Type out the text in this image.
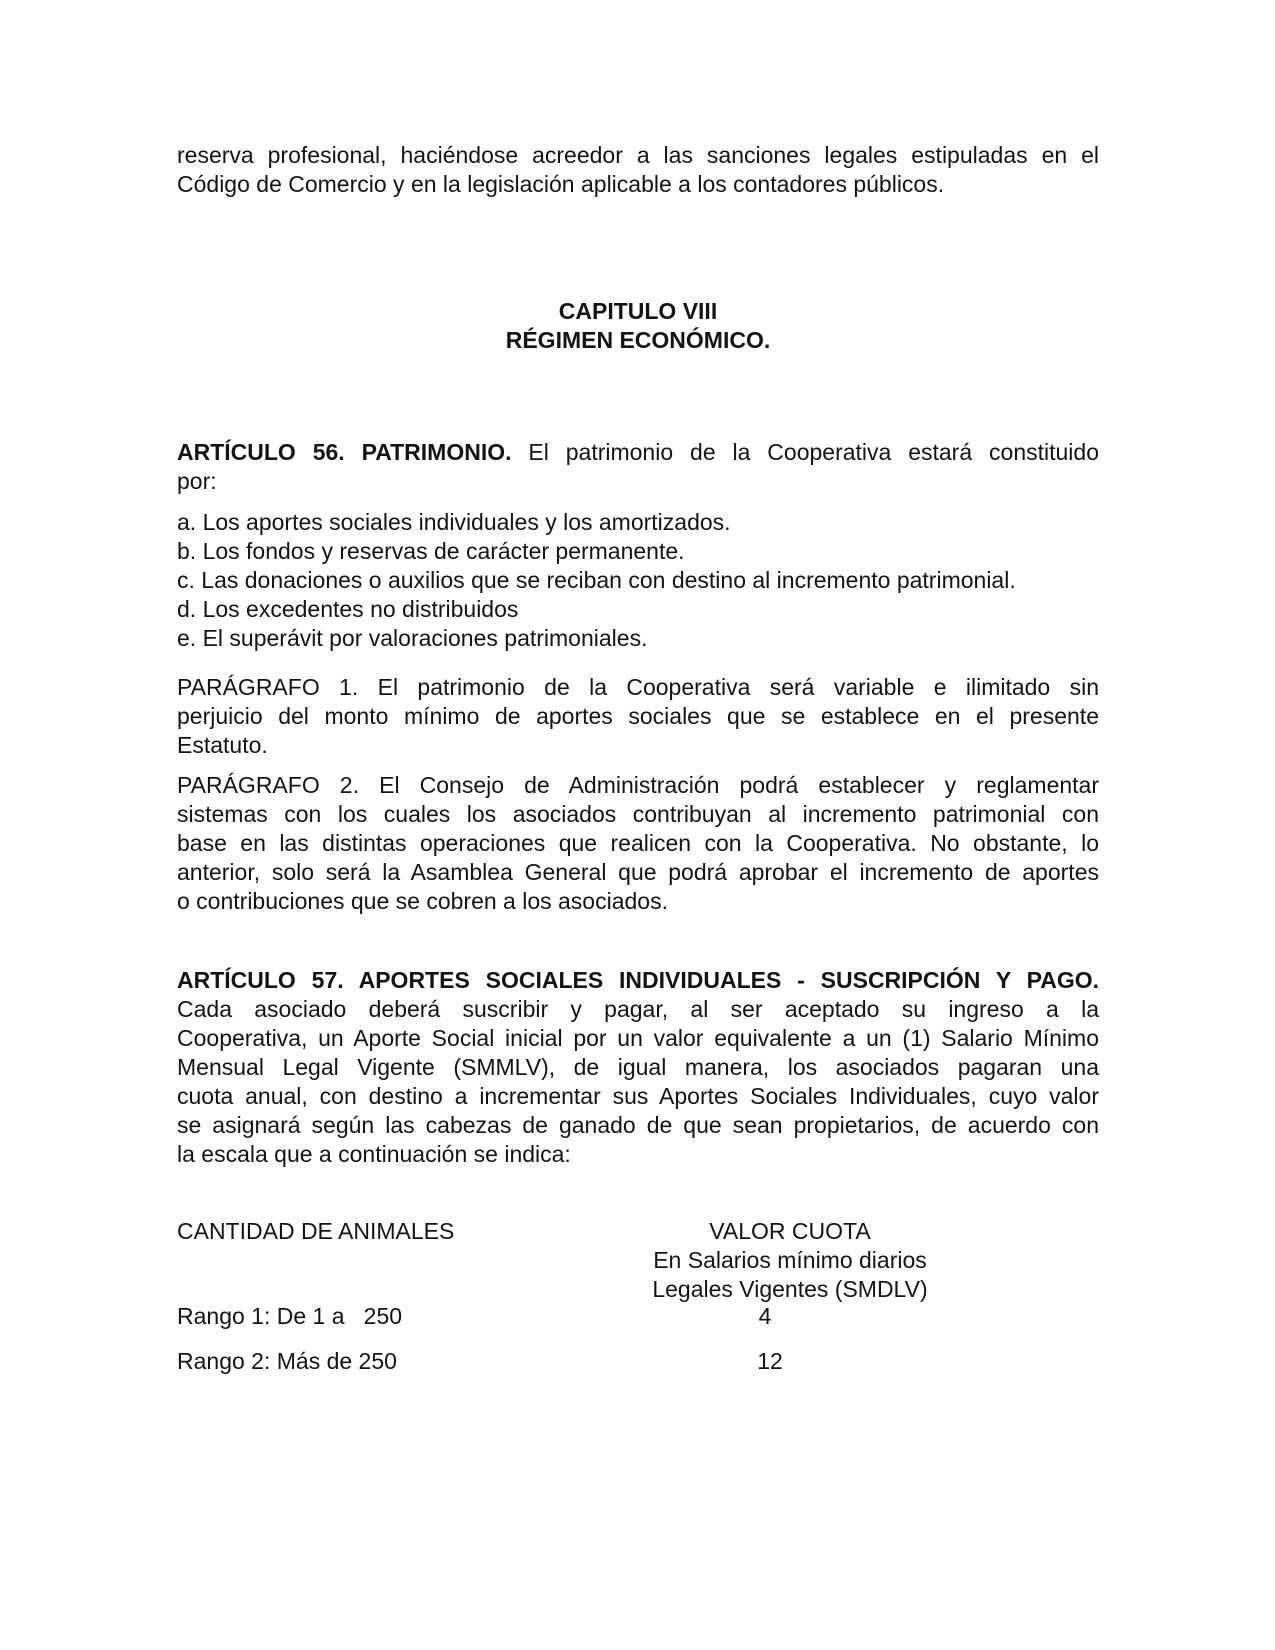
reserva profesional, haciéndose acreedor a las sanciones legales estipuladas en el
Código de Comercio y en la legislación aplicable a los contadores públicos.
CAPITULO VIII
RÉGIMEN ECONÓMICO.
ARTÍCULO 56. PATRIMONIO. El patrimonio de la Cooperativa estará constituido
por:
a. Los aportes sociales individuales y los amortizados.
b. Los fondos y reservas de carácter permanente.
c. Las donaciones o auxilios que se reciban con destino al incremento patrimonial.
d. Los excedentes no distribuidos
e. El superávit por valoraciones patrimoniales.
PARÁGRAFO 1. El patrimonio de la Cooperativa será variable e ilimitado sin
perjuicio del monto mínimo de aportes sociales que se establece en el presente
Estatuto.
PARÁGRAFO 2. El Consejo de Administración podrá establecer y reglamentar
sistemas con los cuales los asociados contribuyan al incremento patrimonial con
base en las distintas operaciones que realicen con la Cooperativa. No obstante, lo
anterior, solo será la Asamblea General que podrá aprobar el incremento de aportes
o contribuciones que se cobren a los asociados.
ARTÍCULO 57. APORTES SOCIALES INDIVIDUALES - SUSCRIPCIÓN Y PAGO.
Cada asociado deberá suscribir y pagar, al ser aceptado su ingreso a la
Cooperativa, un Aporte Social inicial por un valor equivalente a un (1) Salario Mínimo
Mensual Legal Vigente (SMMLV), de igual manera, los asociados pagaran una
cuota anual, con destino a incrementar sus Aportes Sociales Individuales, cuyo valor
se asignará según las cabezas de ganado de que sean propietarios, de acuerdo con
la escala que a continuación se indica:
CANTIDAD DE ANIMALES	VALOR CUOTA
En Salarios mínimo diarios
Legales Vigentes (SMDLV)
Rango 1: De 1 a   250	4
Rango 2: Más de 250	12
